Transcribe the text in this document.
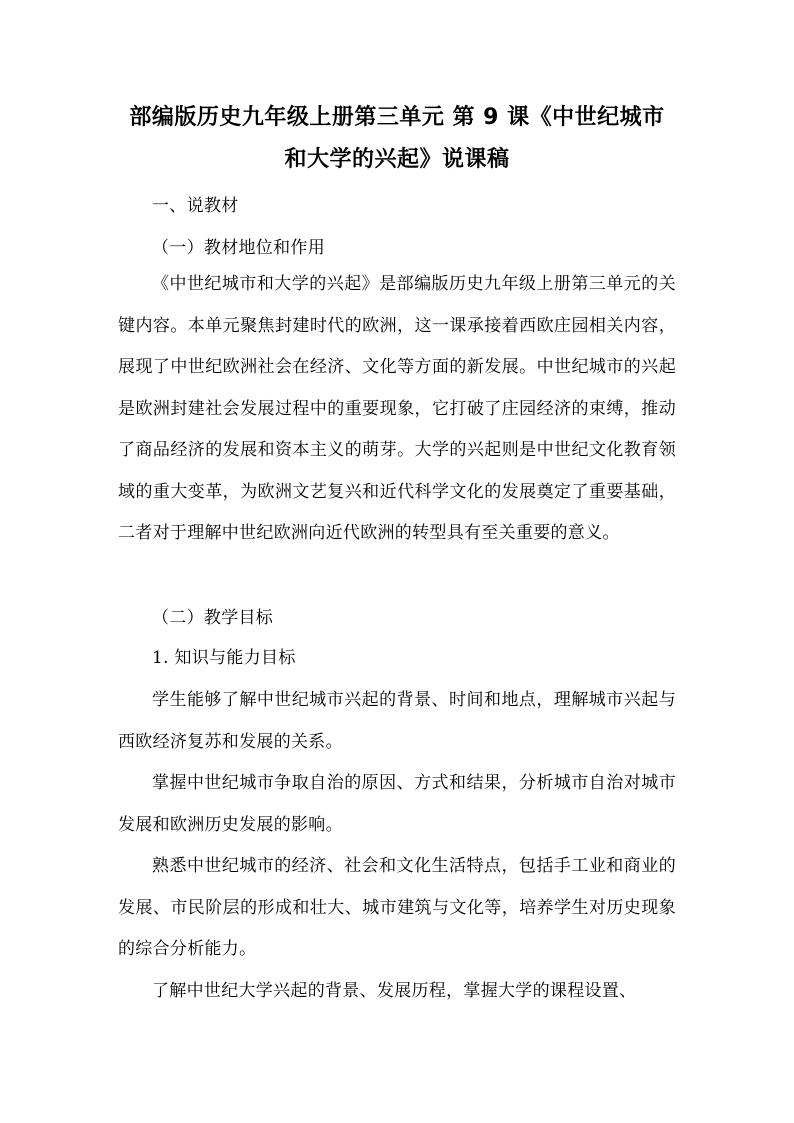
部编版历史九年级上册第三单元 第 9 课《中世纪城市
和大学的兴起》说课稿

一、说教材

（一）教材地位和作用

《中世纪城市和大学的兴起》是部编版历史九年级上册第三单元的关键内容。本单元聚焦封建时代的欧洲，这一课承接着西欧庄园相关内容，展现了中世纪欧洲社会在经济、文化等方面的新发展。中世纪城市的兴起是欧洲封建社会发展过程中的重要现象，它打破了庄园经济的束缚，推动了商品经济的发展和资本主义的萌芽。大学的兴起则是中世纪文化教育领域的重大变革，为欧洲文艺复兴和近代科学文化的发展奠定了重要基础，二者对于理解中世纪欧洲向近代欧洲的转型具有至关重要的意义。

（二）教学目标

1. 知识与能力目标

学生能够了解中世纪城市兴起的背景、时间和地点，理解城市兴起与西欧经济复苏和发展的关系。

掌握中世纪城市争取自治的原因、方式和结果，分析城市自治对城市发展和欧洲历史发展的影响。

熟悉中世纪城市的经济、社会和文化生活特点，包括手工业和商业的发展、市民阶层的形成和壮大、城市建筑与文化等，培养学生对历史现象的综合分析能力。

了解中世纪大学兴起的背景、发展历程，掌握大学的课程设置、
